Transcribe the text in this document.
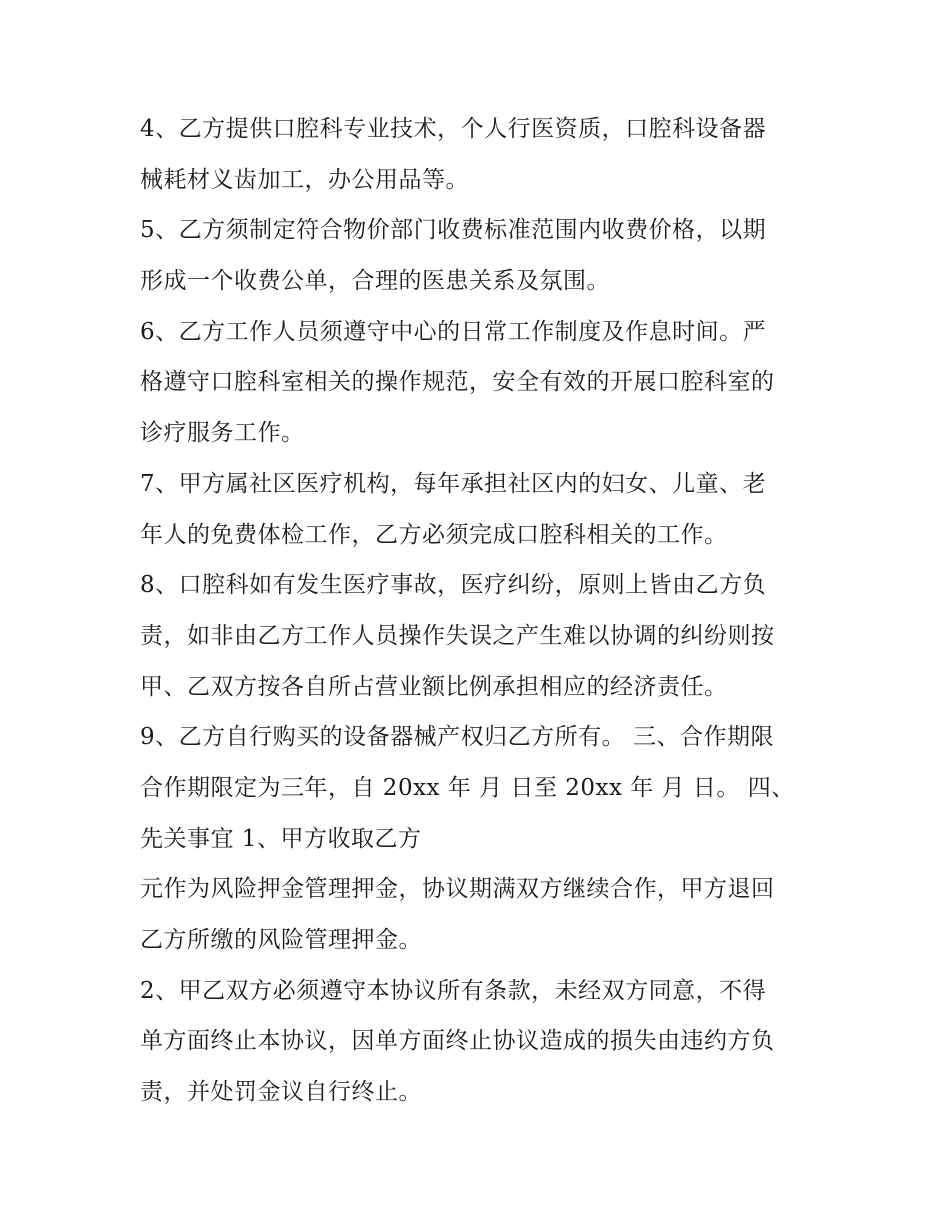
4、乙方提供口腔科专业技术，个人行医资质，口腔科设备器
械耗材义齿加工，办公用品等。
5、乙方须制定符合物价部门收费标准范围内收费价格，以期
形成一个收费公单，合理的医患关系及氛围。
6、乙方工作人员须遵守中心的日常工作制度及作息时间。严
格遵守口腔科室相关的操作规范，安全有效的开展口腔科室的
诊疗服务工作。
7、甲方属社区医疗机构，每年承担社区内的妇女、儿童、老
年人的免费体检工作，乙方必须完成口腔科相关的工作。
8、口腔科如有发生医疗事故，医疗纠纷，原则上皆由乙方负
责，如非由乙方工作人员操作失误之产生难以协调的纠纷则按
甲、乙双方按各自所占营业额比例承担相应的经济责任。
9、乙方自行购买的设备器械产权归乙方所有。 三、合作期限
合作期限定为三年，自 20xx 年 月 日至 20xx 年 月 日。 四、
先关事宜 1、甲方收取乙方
元作为风险押金管理押金，协议期满双方继续合作，甲方退回
乙方所缴的风险管理押金。
2、甲乙双方必须遵守本协议所有条款，未经双方同意，不得
单方面终止本协议，因单方面终止协议造成的损失由违约方负
责，并处罚金议自行终止。
